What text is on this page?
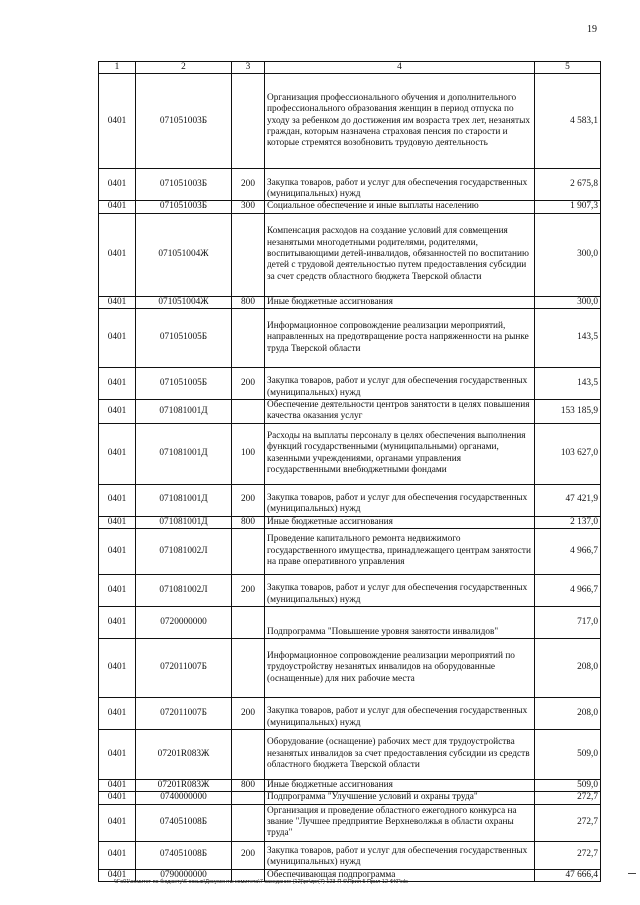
19
1	2	3	4	5
0401	071051003Б		Организация профессионального обучения и дополнительного профессионального образования женщин в период отпуска по уходу за ребенком до достижения им возраста трех лет, незанятых граждан, которым назначена страховая пенсия по старости и которые стремятся возобновить трудовую деятельность	4 583,1
0401	071051003Б	200	Закупка товаров, работ и услуг для обеспечения государственных (муниципальных) нужд	2 675,8
0401	071051003Б	300	Социальное обеспечение и иные выплаты населению	1 907,3
0401	071051004Ж		Компенсация расходов на создание условий для совмещения незанятыми многодетными родителями, родителями, воспитывающими детей-инвалидов, обязанностей по воспитанию детей с трудовой деятельностью путем предоставления субсидии за счет средств областного бюджета Тверской области	300,0
0401	071051004Ж	800	Иные бюджетные ассигнования	300,0
0401	071051005Б		Информационное сопровождение реализации мероприятий, направленных на предотвращение роста напряженности на рынке труда Тверской области	143,5
0401	071051005Б	200	Закупка товаров, работ и услуг для обеспечения государственных (муниципальных) нужд	143,5
0401	071081001Д		Обеспечение деятельности центров занятости в целях повышения качества оказания услуг	153 185,9
0401	071081001Д	100	Расходы на выплаты персоналу в целях обеспечения выполнения функций государственными (муниципальными) органами, казенными учреждениями, органами управления государственными внебюджетными фондами	103 627,0
0401	071081001Д	200	Закупка товаров, работ и услуг для обеспечения государственных (муниципальных) нужд	47 421,9
0401	071081001Д	800	Иные бюджетные ассигнования	2 137,0
0401	071081002Л		Проведение капитального ремонта недвижимого государственного имущества, принадлежащего центрам занятости на праве оперативного управления	4 966,7
0401	071081002Л	200	Закупка товаров, работ и услуг для обеспечения государственных (муниципальных) нужд	4 966,7
0401	0720000000		Подпрограмма "Повышение уровня занятости инвалидов"	717,0
0401	072011007Б		Информационное сопровождение реализации мероприятий по трудоустройству незанятых инвалидов на оборудованные (оснащенные) для них рабочие места	208,0
0401	072011007Б	200	Закупка товаров, работ и услуг для обеспечения государственных (муниципальных) нужд	208,0
0401	07201R083Ж		Оборудование (оснащение) рабочих мест для трудоустройства незанятых инвалидов за счет предоставления субсидии из средств областного бюджета Тверской области	509,0
0401	07201R083Ж	800	Иные бюджетные ассигнования	509,0
0401	0740000000		Подпрограмма "Улучшение условий и охраны труда"	272,7
0401	074051008Б		Организация и проведение областного ежегодного конкурса на звание "Лучшее предприятие Верхневолжья в области охраны труда"	272,7
0401	074051008Б	200	Закупка товаров, работ и услуг для обеспечения государственных (муниципальных) нужд	272,7
0401	0790000000		Обеспечивающая подпрограмма	47 666,4
\\Fs01\комитет по бюджету\6 созыв\Документы комитета\7 заседание (12)\pr\zpr(7) 123-П-6\Прил 5 Прил 12 ФКР.xls
